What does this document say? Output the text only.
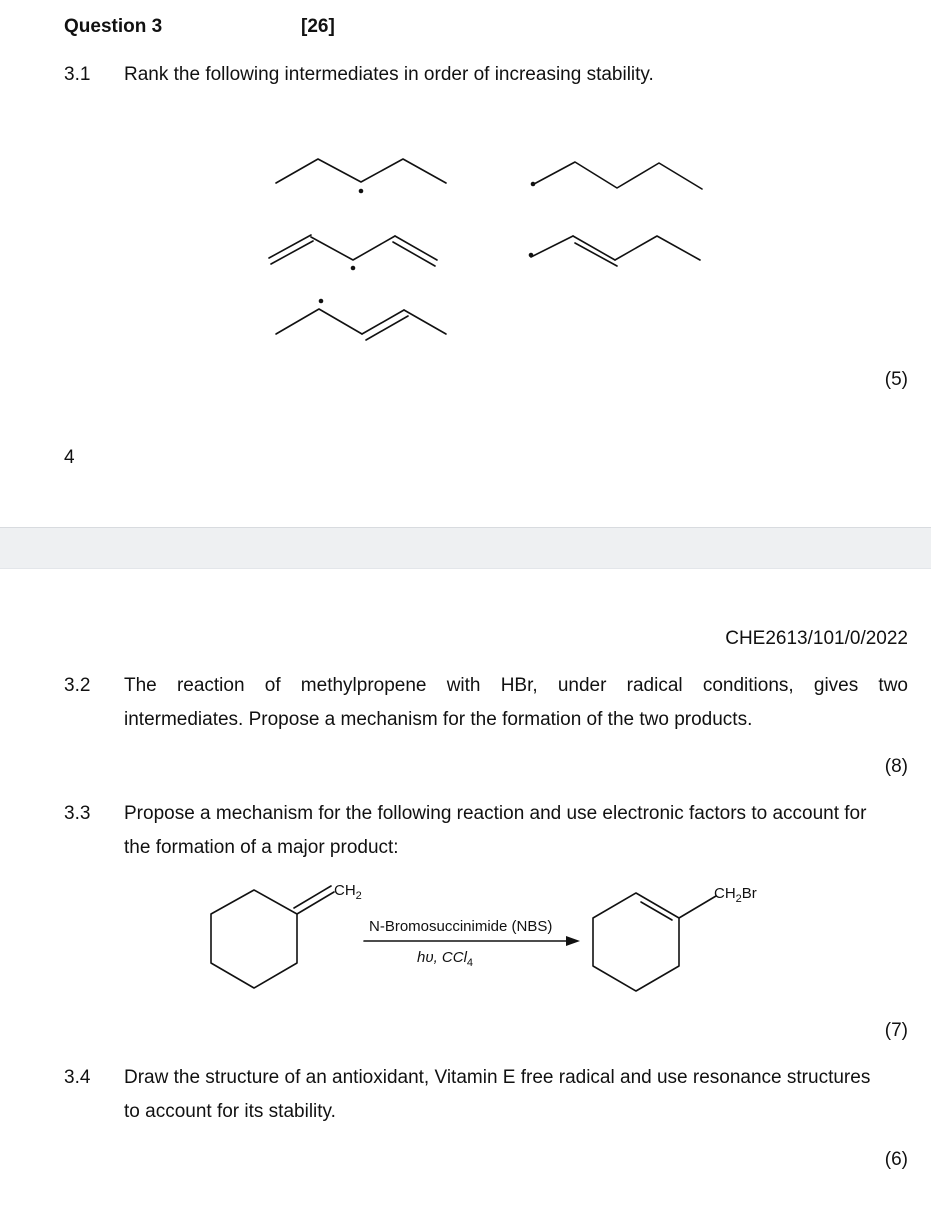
Question 3	[26]
3.1 Rank the following intermediates in order of increasing stability.
(5)
4
CHE2613/101/0/2022
3.2 The reaction of methylpropene with HBr, under radical conditions, gives two
intermediates. Propose a mechanism for the formation of the two products.
(8)
3.3 Propose a mechanism for the following reaction and use electronic factors to account for
the formation of a major product:
(7)
3.4 Draw the structure of an antioxidant, Vitamin E free radical and use resonance structures
to account for its stability.
(6)
$CH_2$	$CH_2Br$
N-Bromosuccinimide (NBS)
hυ, CCl$_4$
